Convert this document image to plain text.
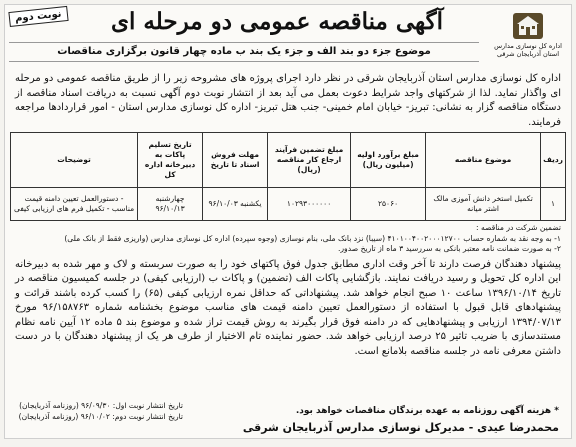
اداره کل نوسازی مدارس استان آذربایجان شرقی
آگهی مناقصه عمومی دو مرحله ای
نوبت دوم
موضوع جزء دو بند الف و جزء یک بند ب ماده چهار قانون برگزاری مناقصات

اداره کل نوسازی مدارس استان آذربایجان شرقی در نظر دارد اجرای پروژه های مشروحه زیر را از طریق مناقصه عمومی دو مرحله ای واگذار نماید. لذا از شرکتهای واجد شرایط دعوت بعمل می آید بعد از انتشار نوبت دوم آگهی نسبت به دریافت اسناد مناقصه از دستگاه مناقصه گزار به نشانی: تبریز- خیابان امام خمینی- جنب هتل تبریز- اداره کل نوسازی مدارس استان - امور قراردادها مراجعه فرمایند.

ردیف	موضوع مناقصه	مبلغ برآورد اولیه (میلیون ریال)	مبلغ تضمین فرآیند ارجاع کار مناقصه (ریال)	مهلت فروش اسناد تا تاریخ	تاریخ تسلیم پاکات به دبیرخانه اداره کل	توضیحات
۱	تکمیل استخر دانش آموزی مالک اشتر میانه	۲۵۰۶۰	۱۰۲۹۳۰۰۰۰۰۰	یکشنبه ۹۶/۱۰/۰۳	چهارشنبه ۹۶/۱۰/۱۳	- دستورالعمل تعیین دامنه قیمت مناسب - تکمیل فرم های ارزیابی کیفی
تضمین شرکت در مناقصه :
۱- به وجه نقد به شماره حساب ۴۱۰۱۰۰۴۰۰۲۰۰۰۱۲۷۰۰ (سیبا) نزد بانک ملی، بنام نوسازی (وجوه سپرده) اداره کل نوسازی مدارس (واریزی فقط از بانک ملی)
۲- به صورت ضمانت نامه معتبر بانکی به سررسید ۳ ماه از تاریخ صدور.

پیشنهاد دهندگان فرصت دارند تا آخر وقت اداری مطابق جدول فوق پاکتهای خود را به صورت سربسته و لاک و مهر شده به دبیرخانه این اداره کل تحویل و رسید دریافت نمایند. بازگشایی پاکات الف (تضمین) و پاکات ب (ارزیابی کیفی) در جلسه کمیسیون مناقصه در تاریخ ۱۳۹۶/۱۰/۱۴ ساعت ۱۰ صبح انجام خواهد شد. پیشنهاداتی که حداقل نمره ارزیابی کیفی (۶۵) را کسب کرده باشند قرائت و پیشنهادهای قابل قبول با استفاده از دستورالعمل تعیین دامنه قیمت های مناسب موضوع بخشنامه شماره ۹۶/۱۵۸۷۶۳ مورخ ۱۳۹۴/۰۷/۱۳ ارزیابی و پیشنهادهایی که در دامنه فوق قرار بگیرند به روش قیمت تراز شده و موضوع بند ۵ ماده ۱۲ آیین نامه نظام مستندسازی با ضریب تاثیر ۲۵ درصد ارزیابی خواهد شد. حضور نماینده تام الاختیار از طرف هر یک از پیشنهاد دهندگان با در دست داشتن معرفی نامه در جلسه مناقصه بلامانع است.

* هزینه آگهی روزنامه به عهده برندگان مناقصات خواهد بود.
تاریخ انتشار نوبت اول: ۹۶/۰۹/۳۰ (روزنامه آذربایجان)
تاریخ انتشار نوبت دوم: ۹۶/۱۰/۰۲ (روزنامه آذربایجان)
محمدرضا عیدی - مدیرکل نوسازی مدارس آذربایجان شرقی
